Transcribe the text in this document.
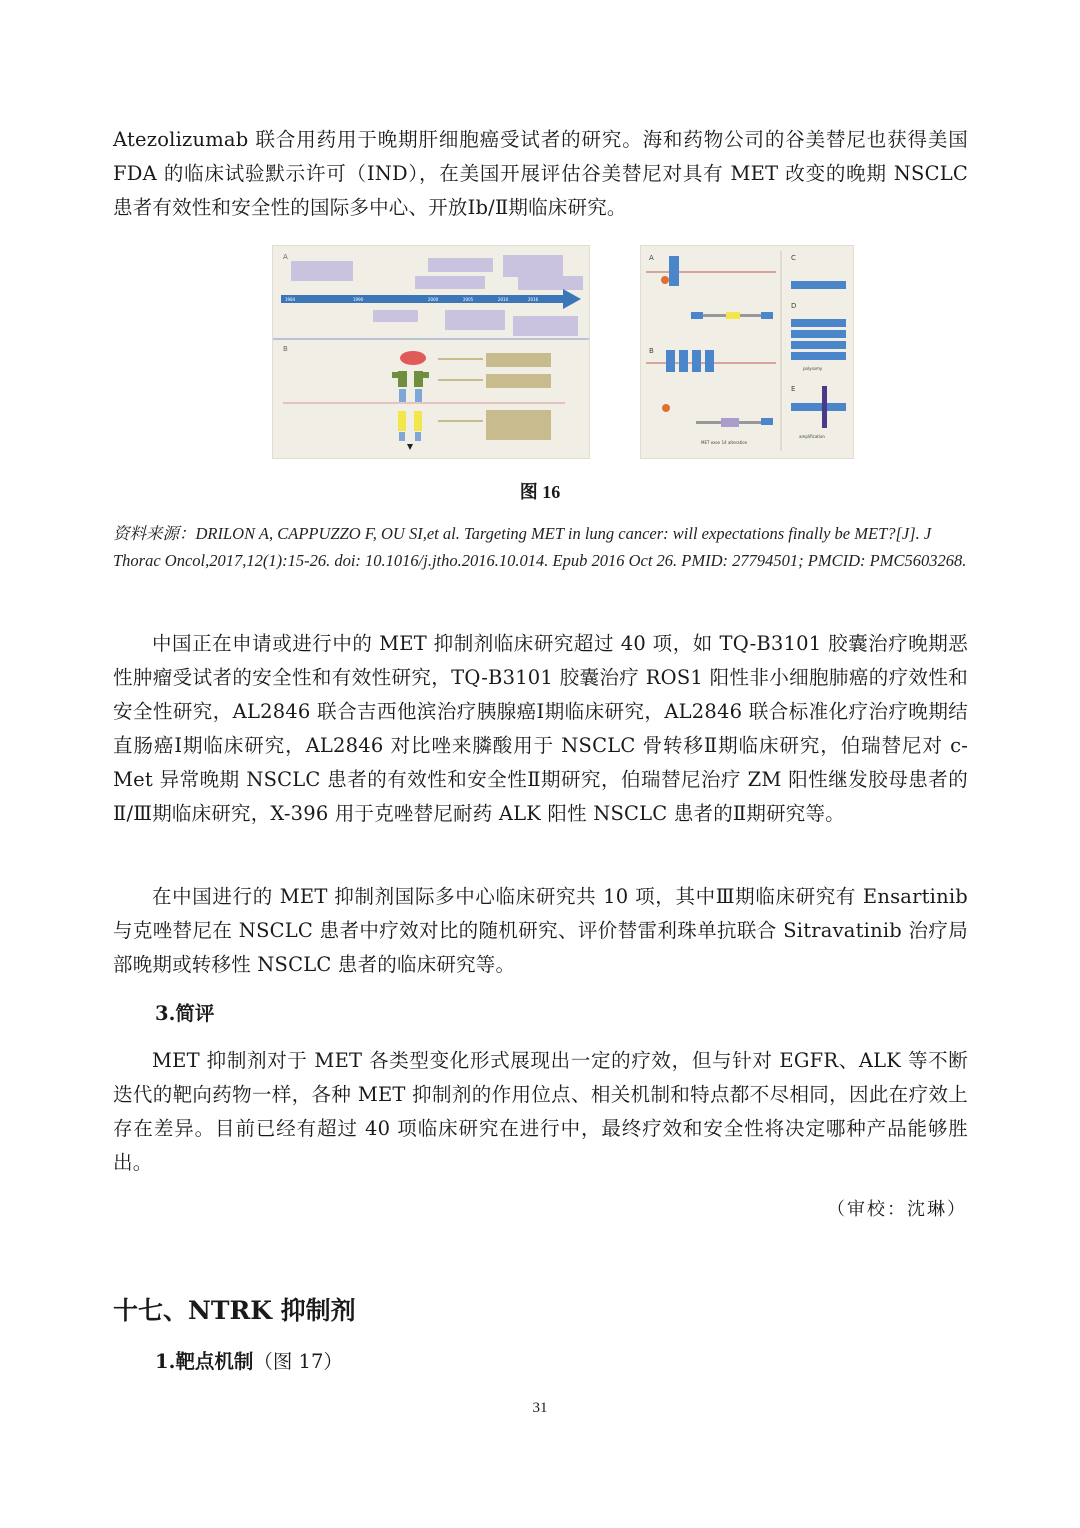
Atezolizumab 联合用药用于晚期肝细胞癌受试者的研究。海和药物公司的谷美替尼也获得美国 FDA 的临床试验默示许可（IND），在美国开展评估谷美替尼对具有 MET 改变的晚期 NSCLC 患者有效性和安全性的国际多中心、开放Ⅰb/Ⅱ期临床研究。

A
1984	1990	2000	2005	2010	2016
B
A
B
MET exon 14 alteration
C
D
polysomy
E
amplification
图 16
资料来源：DRILON A, CAPPUZZO F, OU SI,et al. Targeting MET in lung cancer: will expectations finally be MET?[J]. J Thorac Oncol,2017,12(1):15-26. doi: 10.1016/j.jtho.2016.10.014. Epub 2016 Oct 26. PMID: 27794501; PMCID: PMC5603268.

中国正在申请或进行中的 MET 抑制剂临床研究超过 40 项，如 TQ-B3101 胶囊治疗晚期恶性肿瘤受试者的安全性和有效性研究，TQ-B3101 胶囊治疗 ROS1 阳性非小细胞肺癌的疗效性和安全性研究，AL2846 联合吉西他滨治疗胰腺癌Ⅰ期临床研究，AL2846 联合标准化疗治疗晚期结直肠癌Ⅰ期临床研究，AL2846 对比唑来膦酸用于 NSCLC 骨转移Ⅱ期临床研究，伯瑞替尼对 c-Met 异常晚期 NSCLC 患者的有效性和安全性Ⅱ期研究，伯瑞替尼治疗 ZM 阳性继发胶母患者的Ⅱ/Ⅲ期临床研究，X-396 用于克唑替尼耐药 ALK 阳性 NSCLC 患者的Ⅱ期研究等。

在中国进行的 MET 抑制剂国际多中心临床研究共 10 项，其中Ⅲ期临床研究有 Ensartinib 与克唑替尼在 NSCLC 患者中疗效对比的随机研究、评价替雷利珠单抗联合 Sitravatinib 治疗局部晚期或转移性 NSCLC 患者的临床研究等。

3.简评

MET 抑制剂对于 MET 各类型变化形式展现出一定的疗效，但与针对 EGFR、ALK 等不断迭代的靶向药物一样，各种 MET 抑制剂的作用位点、相关机制和特点都不尽相同，因此在疗效上存在差异。目前已经有超过 40 项临床研究在进行中，最终疗效和安全性将决定哪种产品能够胜出。

（审校：沈琳）
十七、NTRK 抑制剂
1.靶点机制（图 17）
31
